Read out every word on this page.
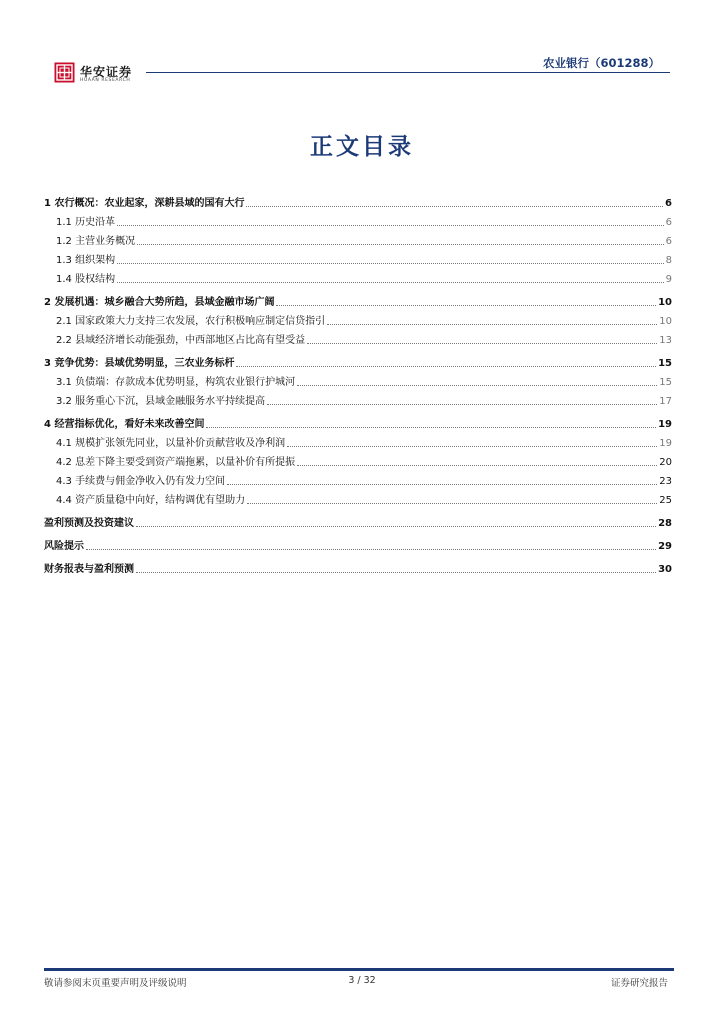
华安证券
HUAAN RESEARCH
农业银行（601288）
正文目录
1 农行概况：农业起家，深耕县域的国有大行	6
1.1 历史沿革	6
1.2 主营业务概况	6
1.3 组织架构	8
1.4 股权结构	9
2 发展机遇：城乡融合大势所趋，县域金融市场广阔	10
2.1 国家政策大力支持三农发展，农行积极响应制定信贷指引	10
2.2 县域经济增长动能强劲，中西部地区占比高有望受益	13
3 竞争优势：县域优势明显，三农业务标杆	15
3.1 负债端：存款成本优势明显，构筑农业银行护城河	15
3.2 服务重心下沉，县域金融服务水平持续提高	17
4 经营指标优化，看好未来改善空间	19
4.1 规模扩张领先同业，以量补价贡献营收及净利润	19
4.2 息差下降主要受到资产端拖累，以量补价有所提振	20
4.3 手续费与佣金净收入仍有发力空间	23
4.4 资产质量稳中向好，结构调优有望助力	25
盈利预测及投资建议	28
风险提示	29
财务报表与盈利预测	30
敬请参阅末页重要声明及评级说明	3 / 32	证券研究报告
